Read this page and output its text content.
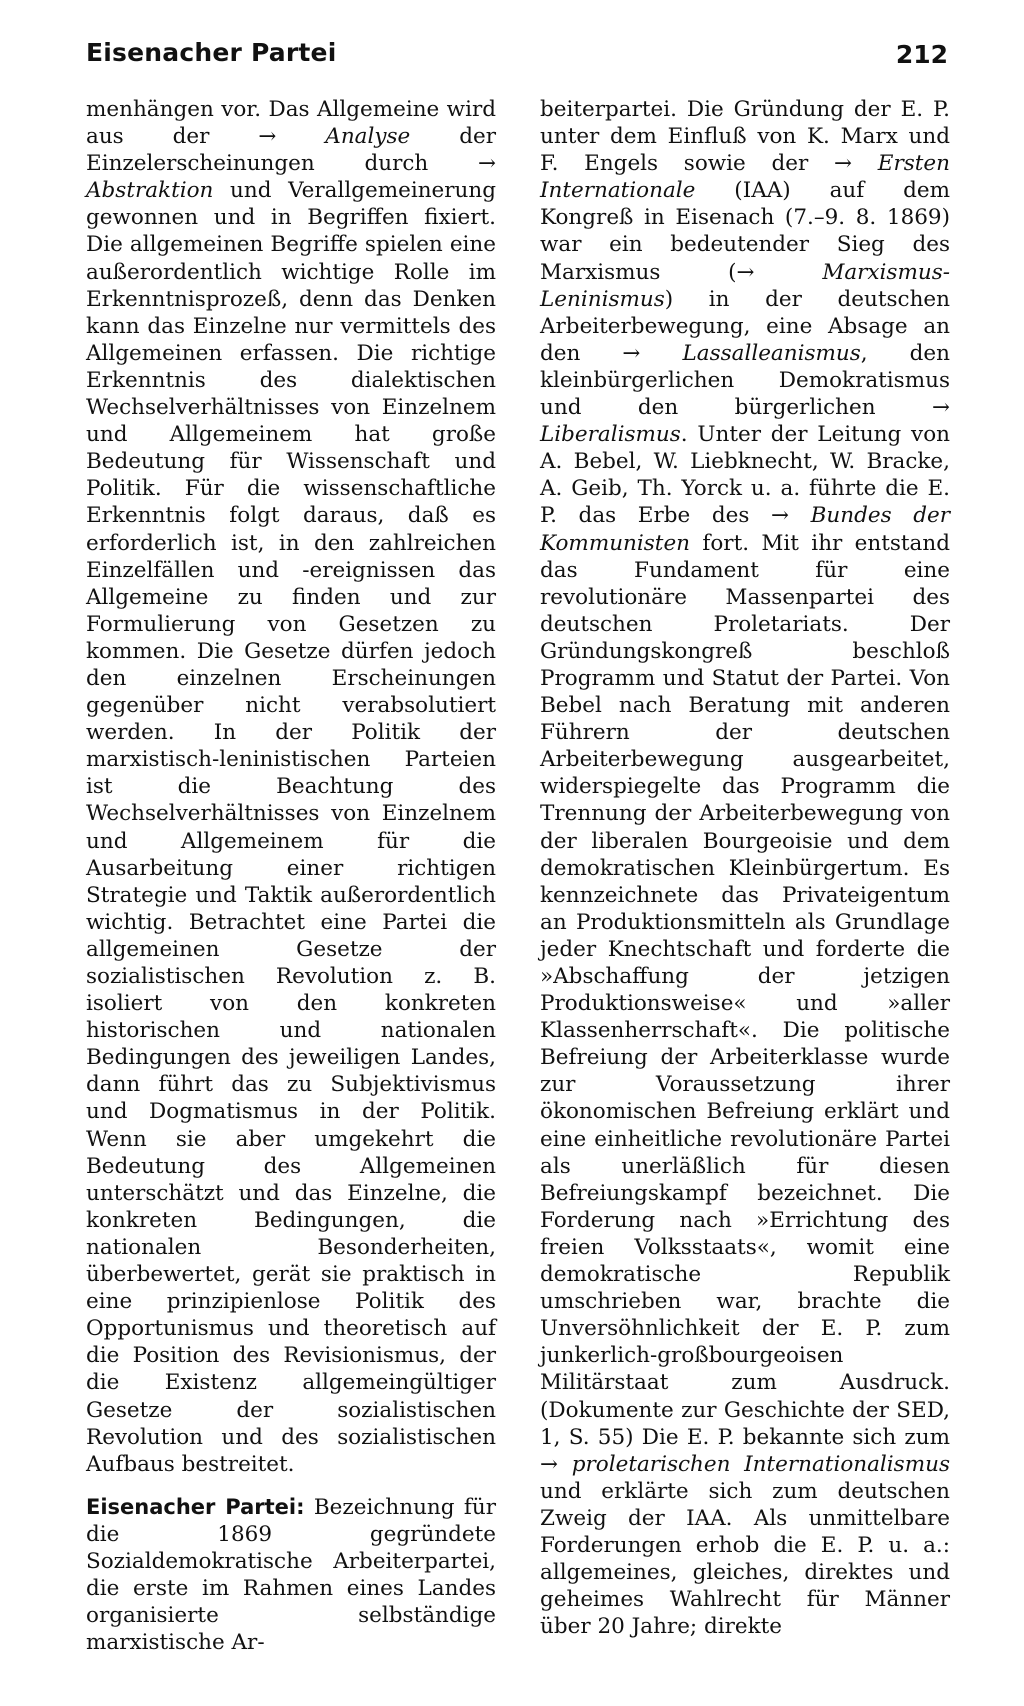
Eisenacher Partei	212

menhängen vor. Das Allgemeine wird aus der → Analyse der Einzelerscheinungen durch → Abstraktion und Verallgemeinerung gewonnen und in Begriffen fixiert. Die allgemeinen Begriffe spielen eine außerordentlich wichtige Rolle im Erkenntnisprozeß, denn das Denken kann das Einzelne nur vermittels des Allgemeinen erfassen. Die richtige Erkenntnis des dialektischen Wechselverhältnisses von Einzelnem und Allgemeinem hat große Bedeutung für Wissenschaft und Politik. Für die wissenschaftliche Erkenntnis folgt daraus, daß es erforderlich ist, in den zahlreichen Einzelfällen und -ereignissen das Allgemeine zu finden und zur Formulierung von Gesetzen zu kommen. Die Gesetze dürfen jedoch den einzelnen Erscheinungen gegenüber nicht verabsolutiert werden. In der Politik der marxistisch-leninistischen Parteien ist die Beachtung des Wechselverhältnisses von Einzelnem und Allgemeinem für die Ausarbeitung einer richtigen Strategie und Taktik außerordentlich wichtig. Betrachtet eine Partei die allgemeinen Gesetze der sozialistischen Revolution z. B. isoliert von den konkreten historischen und nationalen Bedingungen des jeweiligen Landes, dann führt das zu Subjektivismus und Dogmatismus in der Politik. Wenn sie aber umgekehrt die Bedeutung des Allgemeinen unterschätzt und das Einzelne, die konkreten Bedingungen, die nationalen Besonderheiten, überbewertet, gerät sie praktisch in eine prinzipienlose Politik des Opportunismus und theoretisch auf die Position des Revisionismus, der die Existenz allgemeingültiger Gesetze der sozialistischen Revolution und des sozialistischen Aufbaus bestreitet.

Eisenacher Partei: Bezeichnung für die 1869 gegründete Sozialdemokratische Arbeiterpartei, die erste im Rahmen eines Landes organisierte selbständige marxistische Ar-

beiterpartei. Die Gründung der E. P. unter dem Einfluß von K. Marx und F. Engels sowie der → Ersten Internationale (IAA) auf dem Kongreß in Eisenach (7.–9. 8. 1869) war ein bedeutender Sieg des Marxismus (→	Marxismus-Leninismus) in der deutschen Arbeiterbewegung, eine Absage an den → Lassalleanismus, den kleinbürgerlichen Demokratismus und den bürgerlichen → Liberalismus. Unter der Leitung von A. Bebel, W. Liebknecht, W. Bracke, A. Geib, Th. Yorck u. a. führte die E. P. das Erbe des → Bundes der Kommunisten fort. Mit ihr entstand das Fundament für eine revolutionäre Massenpartei des deutschen Proletariats. Der Gründungskongreß beschloß Programm und Statut der Partei. Von Bebel nach Beratung mit anderen Führern der deutschen Arbeiterbewegung ausgearbeitet, widerspiegelte das Programm die Trennung der Arbeiterbewegung von der liberalen Bourgeoisie und dem demokratischen Kleinbürgertum. Es kennzeichnete das Privateigentum an Produktionsmitteln als Grundlage jeder Knechtschaft und forderte die »Abschaffung der jetzigen Produktionsweise« und »aller Klassenherrschaft«. Die politische Befreiung der Arbeiterklasse wurde zur Voraussetzung ihrer ökonomischen Befreiung erklärt und eine einheitliche revolutionäre Partei als unerläßlich für diesen Befreiungskampf bezeichnet. Die Forderung nach »Errichtung des freien Volksstaats«, womit eine demokratische Republik umschrieben war, brachte die Unversöhnlichkeit der E. P. zum junkerlich-großbourgeoisen Militärstaat zum Ausdruck. (Dokumente zur Geschichte der SED, 1, S. 55) Die E. P. bekannte sich zum → proletarischen Internationalismus und erklärte sich zum deutschen Zweig der IAA. Als unmittelbare Forderungen erhob die E. P. u. a.: allgemeines, gleiches, direktes und geheimes Wahlrecht für Männer über 20 Jahre; direkte
